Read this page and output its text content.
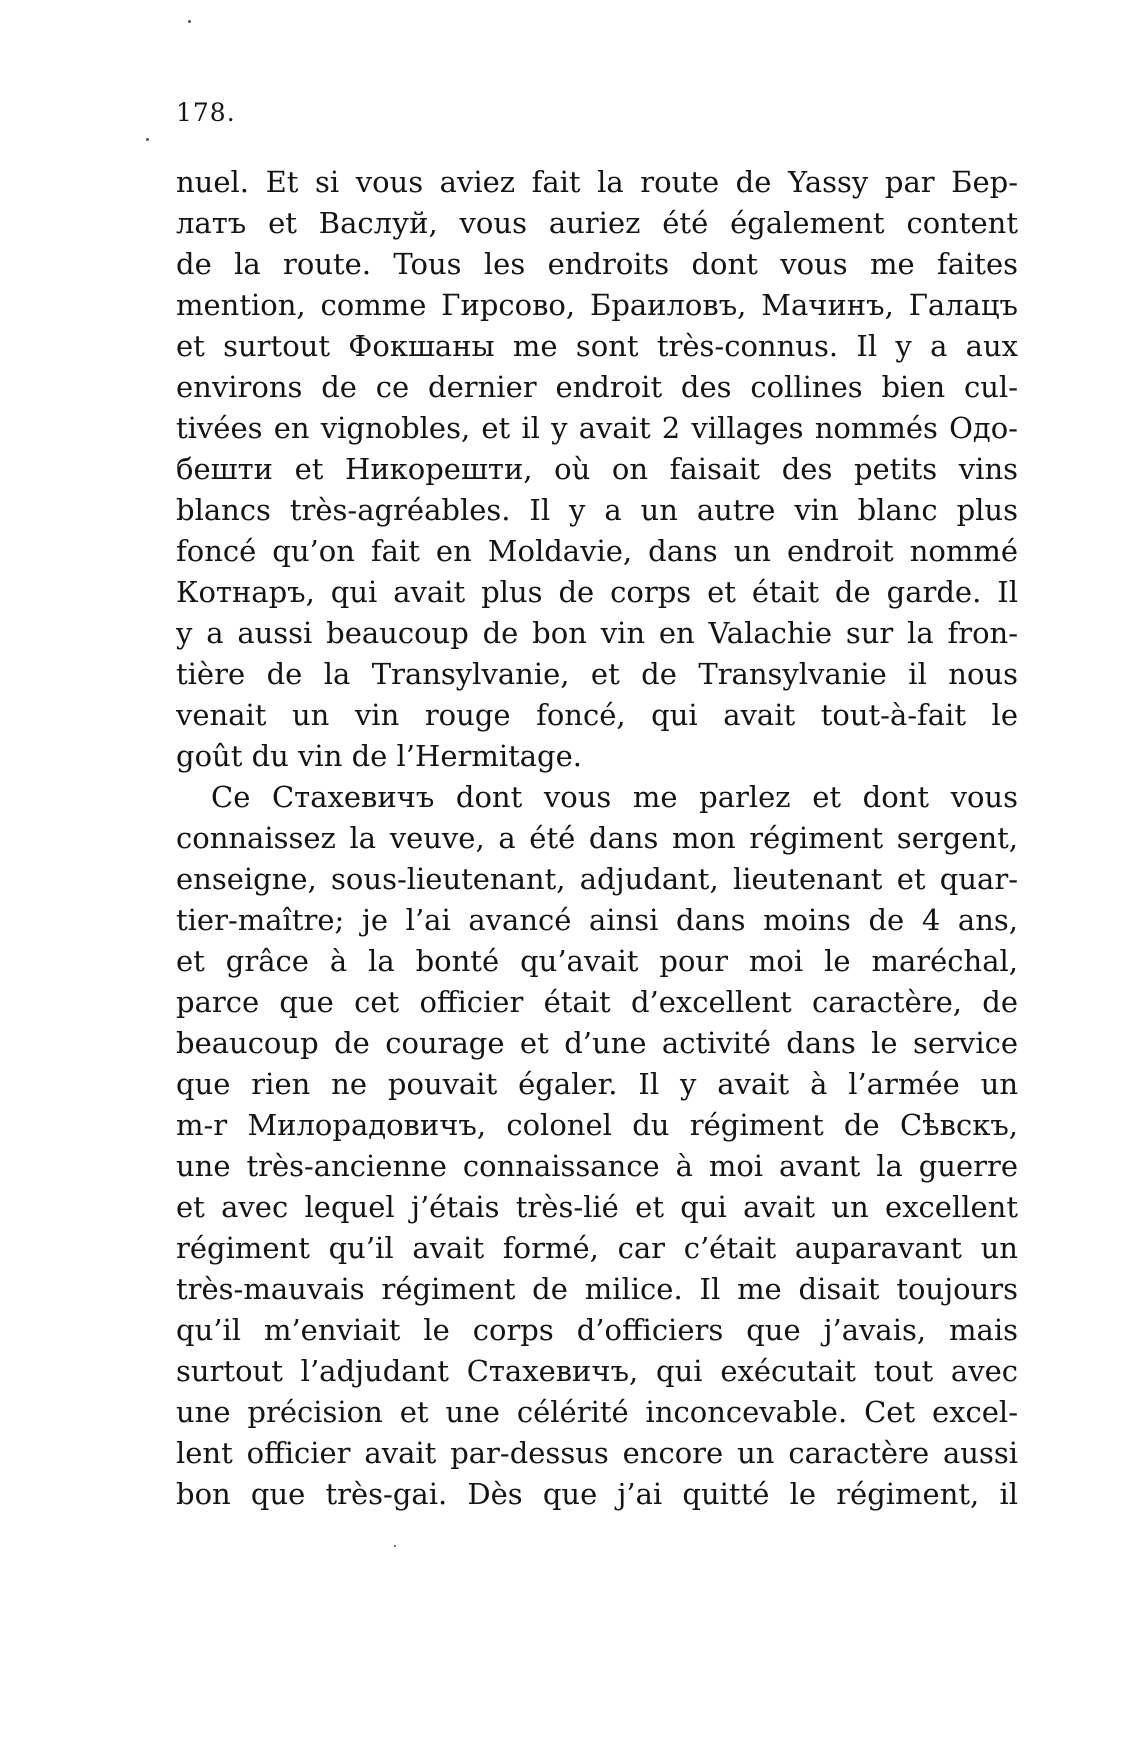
178.
nuel. Et si vous aviez fait la route de Yassy par Бер-
латъ et Васлуй, vous auriez été également content
de la route. Tous les endroits dont vous me faites
mention, comme Гирсово, Браиловъ, Мачинъ, Галацъ
et surtout Фокшаны me sont très-connus. Il y a aux
environs de ce dernier endroit des collines bien cul-
tivées en vignobles, et il y avait 2 villages nommés Одо-
бешти et Никорешти, où on faisait des petits vins
blancs très-agréables. Il y a un autre vin blanc plus
foncé qu’on fait en Moldavie, dans un endroit nommé
Котнаръ, qui avait plus de corps et était de garde. Il
y a aussi beaucoup de bon vin en Valachie sur la fron-
tière de la Transylvanie, et de Transylvanie il nous
venait un vin rouge foncé, qui avait tout-à-fait le
goût du vin de l’Hermitage.
Ce Стахевичъ dont vous me parlez et dont vous
connaissez la veuve, a été dans mon régiment sergent,
enseigne, sous-lieutenant, adjudant, lieutenant et quar-
tier-maître; je l’ai avancé ainsi dans moins de 4 ans,
et grâce à la bonté qu’avait pour moi le maréchal,
parce que cet officier était d’excellent caractère, de
beaucoup de courage et d’une activité dans le service
que rien ne pouvait égaler. Il y avait à l’armée un
m-r Милорадовичъ, colonel du régiment de Сѣвскъ,
une très-ancienne connaissance à moi avant la guerre
et avec lequel j’étais très-lié et qui avait un excellent
régiment qu’il avait formé, car c’était auparavant un
très-mauvais régiment de milice. Il me disait toujours
qu’il m’enviait le corps d’officiers que j’avais, mais
surtout l’adjudant Стахевичъ, qui exécutait tout avec
une précision et une célérité inconcevable. Cet excel-
lent officier avait par-dessus encore un caractère aussi
bon que très-gai. Dès que j’ai quitté le régiment, il
